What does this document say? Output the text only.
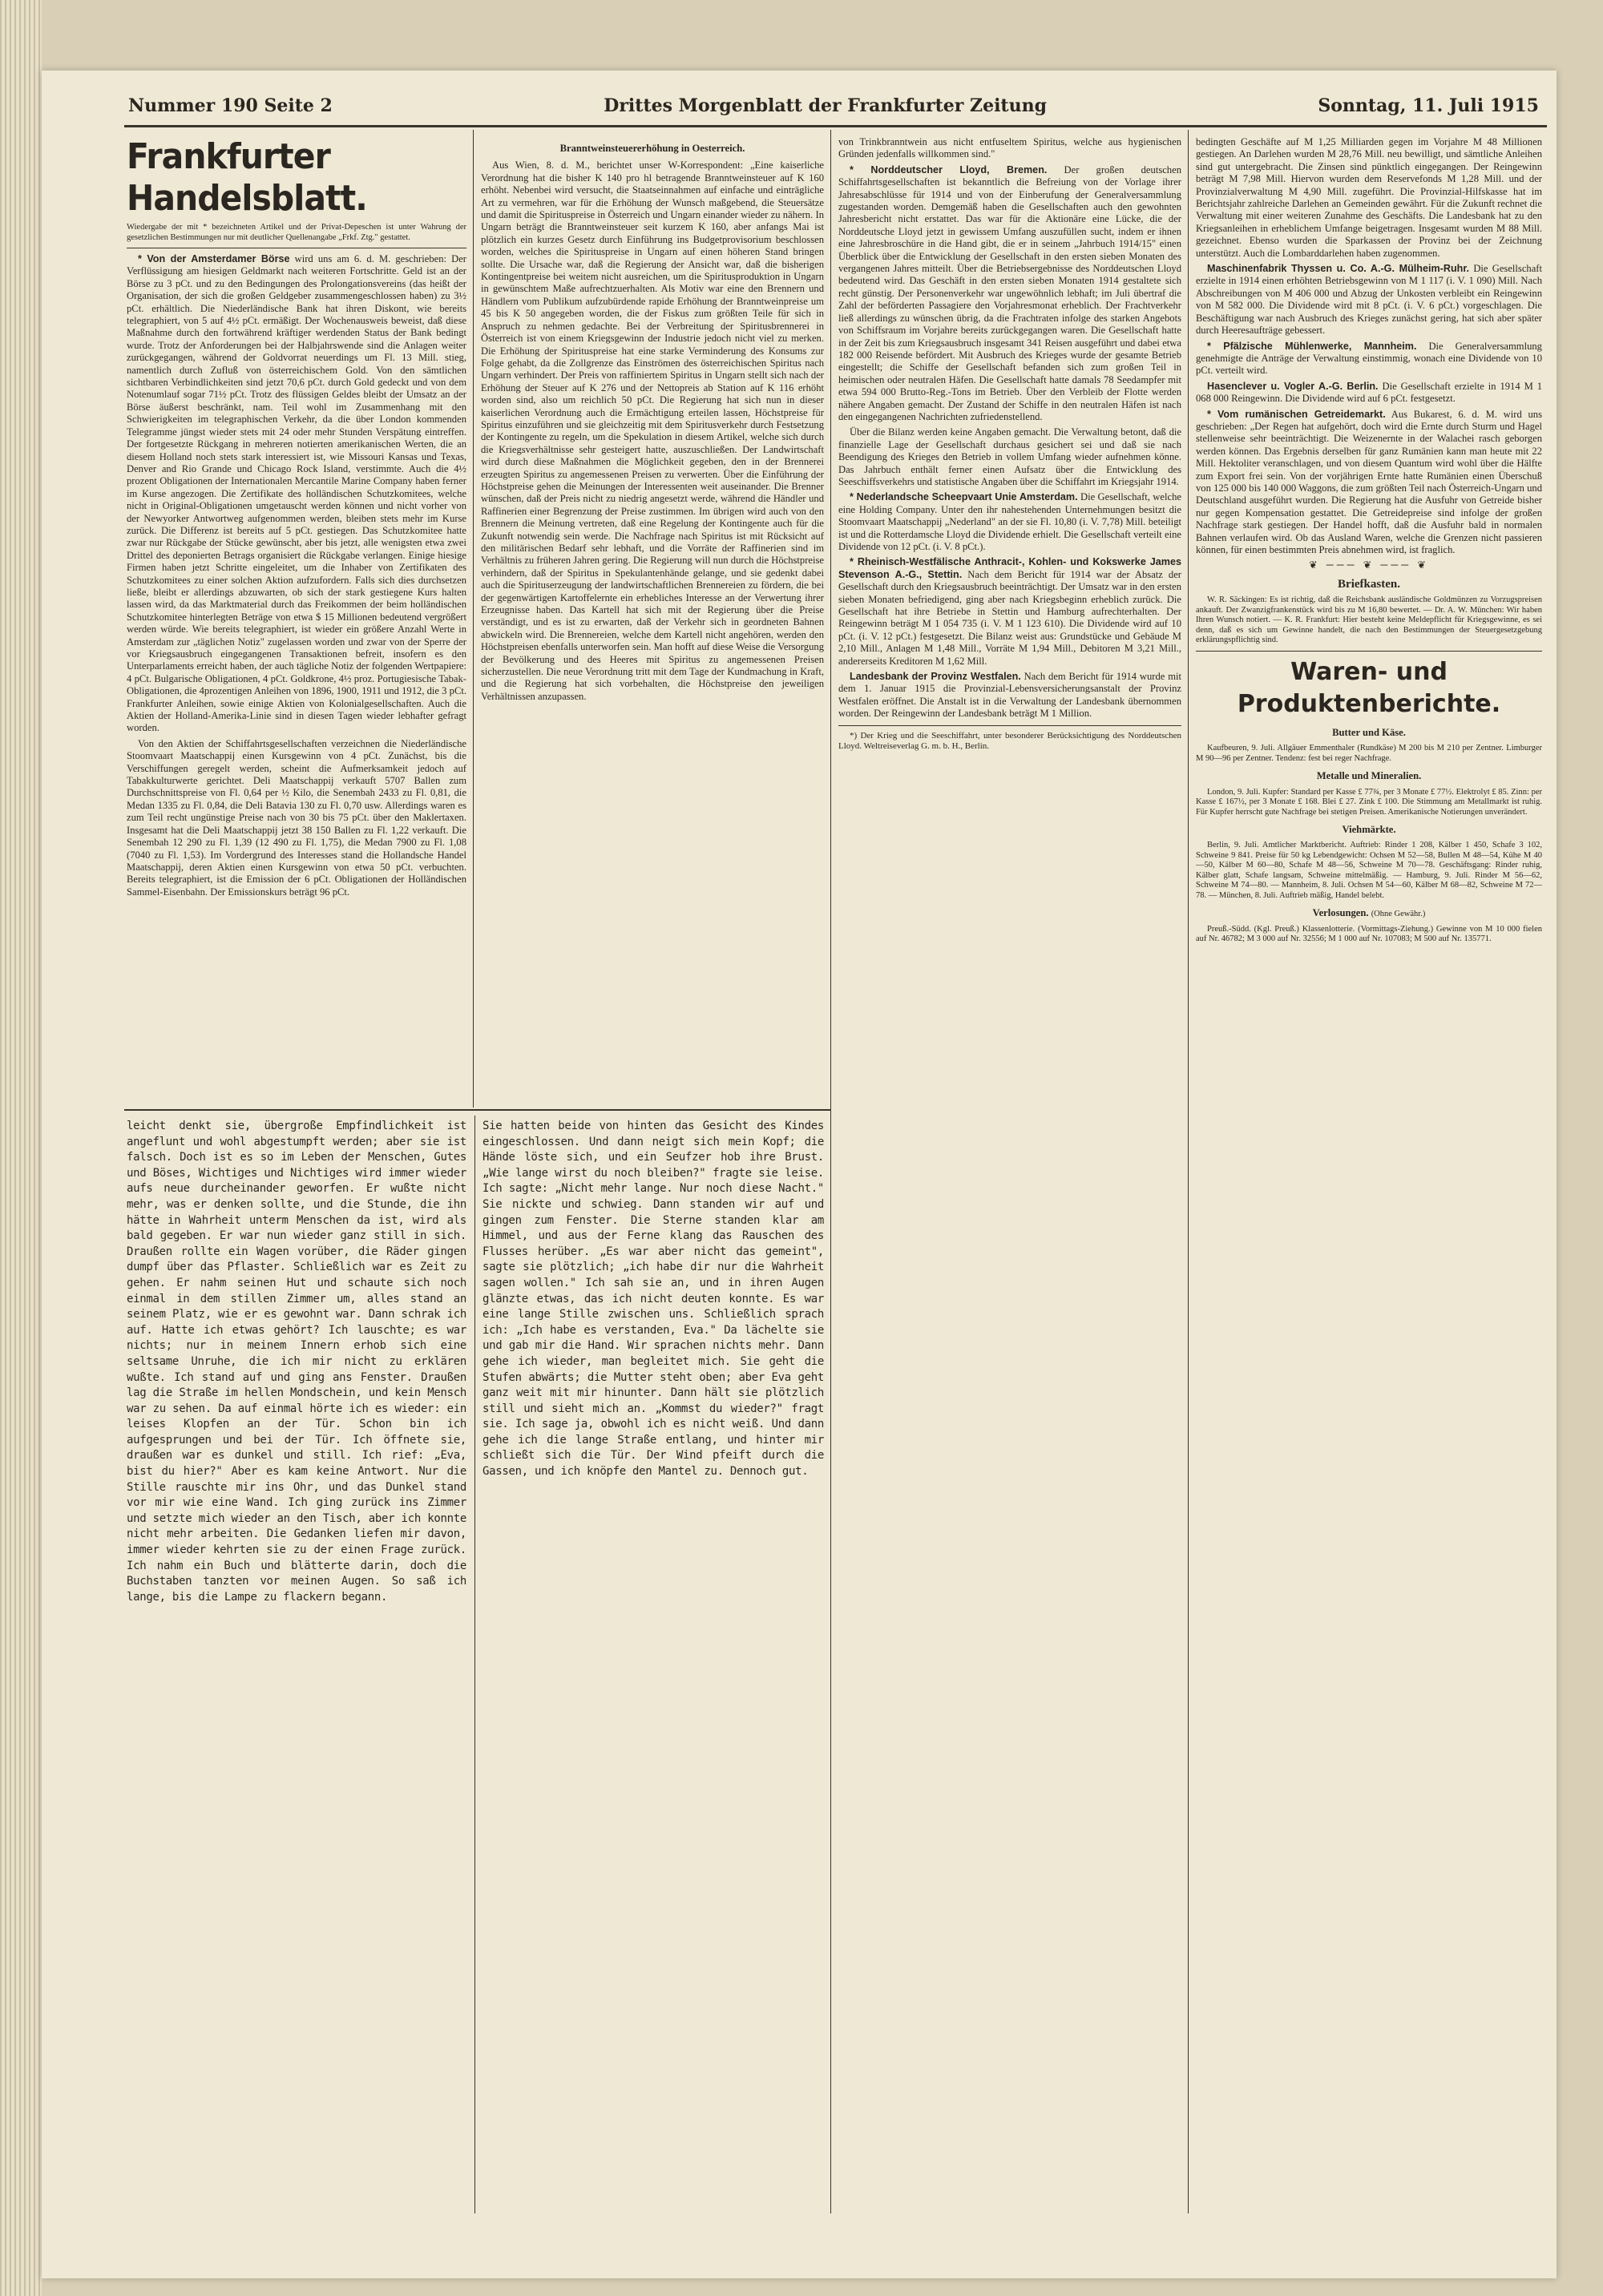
Nummer 190 Seite 2	Drittes Morgenblatt der Frankfurter Zeitung	Sonntag, 11. Juli 1915

Frankfurter Handelsblatt.

Wiedergabe der mit * bezeichneten Artikel und der Privat-Depeschen ist unter Wahrung der gesetzlichen Bestimmungen nur mit deutlicher Quellenangabe „Frkf. Ztg." gestattet.

* Von der Amsterdamer Börse wird uns am 6. d. M. geschrieben: Der Verflüssigung am hiesigen Geldmarkt nach weiteren Fortschritte. Geld ist an der Börse zu 3 pCt. und zu den Bedingungen des Prolongationsvereins (das heißt der Organisation, der sich die großen Geldgeber zusammengeschlossen haben) zu 3½ pCt. erhältlich. Die Niederländische Bank hat ihren Diskont, wie bereits telegraphiert, von 5 auf 4½ pCt. ermäßigt. Der Wochenausweis beweist, daß diese Maßnahme durch den fortwährend kräftiger werdenden Status der Bank bedingt wurde. Trotz der Anforderungen bei der Halbjahrswende sind die Anlagen weiter zurückgegangen, während der Goldvorrat neuerdings um Fl. 13 Mill. stieg, namentlich durch Zufluß von österreichischem Gold. Von den sämtlichen sichtbaren Verbindlichkeiten sind jetzt 70,6 pCt. durch Gold gedeckt und von dem Notenumlauf sogar 71½ pCt. Trotz des flüssigen Geldes bleibt der Umsatz an der Börse äußerst beschränkt, nam. Teil wohl im Zusammenhang mit den Schwierigkeiten im telegraphischen Verkehr, da die über London kommenden Telegramme jüngst wieder stets mit 24 oder mehr Stunden Verspätung eintreffen. Der fortgesetzte Rückgang in mehreren notierten amerikanischen Werten, die an diesem Holland noch stets stark interessiert ist, wie Missouri Kansas und Texas, Denver and Rio Grande und Chicago Rock Island, verstimmte. Auch die 4½ prozent Obligationen der Internationalen Mercantile Marine Company haben ferner im Kurse angezogen. Die Zertifikate des holländischen Schutzkomitees, welche nicht in Original-Obligationen umgetauscht werden können und nicht vorher von der Newyorker Antwortweg aufgenommen werden, bleiben stets mehr im Kurse zurück. Die Differenz ist bereits auf 5 pCt. gestiegen. Das Schutzkomitee hatte zwar nur Rückgabe der Stücke gewünscht, aber bis jetzt, alle wenigsten etwa zwei Drittel des deponierten Betrags organisiert die Rückgabe verlangen. Einige hiesige Firmen haben jetzt Schritte eingeleitet, um die Inhaber von Zertifikaten des Schutzkomitees zu einer solchen Aktion aufzufordern. Falls sich dies durchsetzen ließe, bleibt er allerdings abzuwarten, ob sich der stark gestiegene Kurs halten lassen wird, da das Marktmaterial durch das Freikommen der beim holländischen Schutzkomitee hinterlegten Beträge von etwa $ 15 Millionen bedeutend vergrößert werden würde. Wie bereits telegraphiert, ist wieder ein größere Anzahl Werte in Amsterdam zur „täglichen Notiz" zugelassen worden und zwar von der Sperre der vor Kriegsausbruch eingegangenen Transaktionen befreit, insofern es den Unterparlaments erreicht haben, der auch tägliche Notiz der folgenden Wertpapiere: 4 pCt. Bulgarische Obligationen, 4 pCt. Goldkrone, 4½ proz. Portugiesische Tabak-Obligationen, die 4prozentigen Anleihen von 1896, 1900, 1911 und 1912, die 3 pCt. Frankfurter Anleihen, sowie einige Aktien von Kolonialgesellschaften. Auch die Aktien der Holland-Amerika-Linie sind in diesen Tagen wieder lebhafter gefragt worden.

Von den Aktien der Schiffahrtsgesellschaften verzeichnen die Niederländische Stoomvaart Maatschappij einen Kursgewinn von 4 pCt. Zunächst, bis die Verschiffungen geregelt werden, scheint die Aufmerksamkeit jedoch auf Tabakkulturwerte gerichtet. Deli Maatschappij verkauft 5707 Ballen zum Durchschnittspreise von Fl. 0,64 per ½ Kilo, die Senembah 2433 zu Fl. 0,81, die Medan 1335 zu Fl. 0,84, die Deli Batavia 130 zu Fl. 0,70 usw. Allerdings waren es zum Teil recht ungünstige Preise nach von 30 bis 75 pCt. über den Maklertaxen. Insgesamt hat die Deli Maatschappij jetzt 38 150 Ballen zu Fl. 1,22 verkauft. Die Senembah 12 290 zu Fl. 1,39 (12 490 zu Fl. 1,75), die Medan 7900 zu Fl. 1,08 (7040 zu Fl. 1,53). Im Vordergrund des Interesses stand die Hollandsche Handel Maatschappij, deren Aktien einen Kursgewinn von etwa 50 pCt. verbuchten. Bereits telegraphiert, ist die Emission der 6 pCt. Obligationen der Holländischen Sammel-Eisenbahn. Der Emissionskurs beträgt 96 pCt.

Branntweinsteuererhöhung in Oesterreich.

Aus Wien, 8. d. M., berichtet unser W-Korrespondent: „Eine kaiserliche Verordnung hat die bisher K 140 pro hl betragende Branntweinsteuer auf K 160 erhöht. Nebenbei wird versucht, die Staatseinnahmen auf einfache und einträgliche Art zu vermehren, war für die Erhöhung der Wunsch maßgebend, die Steuersätze und damit die Spirituspreise in Österreich und Ungarn einander wieder zu nähern. In Ungarn beträgt die Branntweinsteuer seit kurzem K 160, aber anfangs Mai ist plötzlich ein kurzes Gesetz durch Einführung ins Budgetprovisorium beschlossen worden, welches die Spirituspreise in Ungarn auf einen höheren Stand bringen sollte. Die Ursache war, daß die Regierung der Ansicht war, daß die bisherigen Kontingentpreise bei weitem nicht ausreichen, um die Spiritusproduktion in Ungarn in gewünschtem Maße aufrechtzuerhalten. Als Motiv war eine den Brennern und Händlern vom Publikum aufzubürdende rapide Erhöhung der Branntweinpreise um 45 bis K 50 angegeben worden, die der Fiskus zum größten Teile für sich in Anspruch zu nehmen gedachte. Bei der Verbreitung der Spiritusbrennerei in Österreich ist von einem Kriegsgewinn der Industrie jedoch nicht viel zu merken. Die Erhöhung der Spirituspreise hat eine starke Verminderung des Konsums zur Folge gehabt, da die Zollgrenze das Einströmen des österreichischen Spiritus nach Ungarn verhindert. Der Preis von raffiniertem Spiritus in Ungarn stellt sich nach der Erhöhung der Steuer auf K 276 und der Nettopreis ab Station auf K 116 erhöht worden sind, also um reichlich 50 pCt. Die Regierung hat sich nun in dieser kaiserlichen Verordnung auch die Ermächtigung erteilen lassen, Höchstpreise für Spiritus einzuführen und sie gleichzeitig mit dem Spiritusverkehr durch Festsetzung der Kontingente zu regeln, um die Spekulation in diesem Artikel, welche sich durch die Kriegsverhältnisse sehr gesteigert hatte, auszuschließen. Der Landwirtschaft wird durch diese Maßnahmen die Möglichkeit gegeben, den in der Brennerei erzeugten Spiritus zu angemessenen Preisen zu verwerten. Über die Einführung der Höchstpreise gehen die Meinungen der Interessenten weit auseinander. Die Brenner wünschen, daß der Preis nicht zu niedrig angesetzt werde, während die Händler und Raffinerien einer Begrenzung der Preise zustimmen. Im übrigen wird auch von den Brennern die Meinung vertreten, daß eine Regelung der Kontingente auch für die Zukunft notwendig sein werde. Die Nachfrage nach Spiritus ist mit Rücksicht auf den militärischen Bedarf sehr lebhaft, und die Vorräte der Raffinerien sind im Verhältnis zu früheren Jahren gering. Die Regierung will nun durch die Höchstpreise verhindern, daß der Spiritus in Spekulantenhände gelange, und sie gedenkt dabei auch die Spirituserzeugung der landwirtschaftlichen Brennereien zu fördern, die bei der gegenwärtigen Kartoffelernte ein erhebliches Interesse an der Verwertung ihrer Erzeugnisse haben. Das Kartell hat sich mit der Regierung über die Preise verständigt, und es ist zu erwarten, daß der Verkehr sich in geordneten Bahnen abwickeln wird. Die Brennereien, welche dem Kartell nicht angehören, werden den Höchstpreisen ebenfalls unterworfen sein. Man hofft auf diese Weise die Versorgung der Bevölkerung und des Heeres mit Spiritus zu angemessenen Preisen sicherzustellen. Die neue Verordnung tritt mit dem Tage der Kundmachung in Kraft, und die Regierung hat sich vorbehalten, die Höchstpreise den jeweiligen Verhältnissen anzupassen.

von Trinkbranntwein aus nicht entfuseltem Spiritus, welche aus hygienischen Gründen jedenfalls willkommen sind."

* Norddeutscher Lloyd, Bremen. Der großen deutschen Schiffahrtsgesellschaften ist bekanntlich die Befreiung von der Vorlage ihrer Jahresabschlüsse für 1914 und von der Einberufung der Generalversammlung zugestanden worden. Demgemäß haben die Gesellschaften auch den gewohnten Jahresbericht nicht erstattet. Das war für die Aktionäre eine Lücke, die der Norddeutsche Lloyd jetzt in gewissem Umfang auszufüllen sucht, indem er ihnen eine Jahresbroschüre in die Hand gibt, die er in seinem „Jahrbuch 1914/15" einen Überblick über die Entwicklung der Gesellschaft in den ersten sieben Monaten des vergangenen Jahres mitteilt. Über die Betriebsergebnisse des Norddeutschen Lloyd bedeutend wird. Das Geschäft in den ersten sieben Monaten 1914 gestaltete sich recht günstig. Der Personenverkehr war ungewöhnlich lebhaft; im Juli übertraf die Zahl der beförderten Passagiere den Vorjahresmonat erheblich. Der Frachtverkehr ließ allerdings zu wünschen übrig, da die Frachtraten infolge des starken Angebots von Schiffsraum im Vorjahre bereits zurückgegangen waren. Die Gesellschaft hatte in der Zeit bis zum Kriegsausbruch insgesamt 341 Reisen ausgeführt und dabei etwa 182 000 Reisende befördert. Mit Ausbruch des Krieges wurde der gesamte Betrieb eingestellt; die Schiffe der Gesellschaft befanden sich zum großen Teil in heimischen oder neutralen Häfen. Die Gesellschaft hatte damals 78 Seedampfer mit etwa 594 000 Brutto-Reg.-Tons im Betrieb. Über den Verbleib der Flotte werden nähere Angaben gemacht. Der Zustand der Schiffe in den neutralen Häfen ist nach den eingegangenen Nachrichten zufriedenstellend.

Über die Bilanz werden keine Angaben gemacht. Die Verwaltung betont, daß die finanzielle Lage der Gesellschaft durchaus gesichert sei und daß sie nach Beendigung des Krieges den Betrieb in vollem Umfang wieder aufnehmen könne. Das Jahrbuch enthält ferner einen Aufsatz über die Entwicklung des Seeschiffsverkehrs und statistische Angaben über die Schiffahrt im Kriegsjahr 1914.

* Nederlandsche Scheepvaart Unie Amsterdam. Die Gesellschaft, welche eine Holding Company. Unter den ihr nahestehenden Unternehmungen besitzt die Stoomvaart Maatschappij „Nederland" an der sie Fl. 10,80 (i. V. 7,78) Mill. beteiligt ist und die Rotterdamsche Lloyd die Dividende erhielt. Die Gesellschaft verteilt eine Dividende von 12 pCt. (i. V. 8 pCt.).

* Rheinisch-Westfälische Anthracit-, Kohlen- und Kokswerke James Stevenson A.-G., Stettin. Nach dem Bericht für 1914 war der Absatz der Gesellschaft durch den Kriegsausbruch beeinträchtigt. Der Umsatz war in den ersten sieben Monaten befriedigend, ging aber nach Kriegsbeginn erheblich zurück. Die Gesellschaft hat ihre Betriebe in Stettin und Hamburg aufrechterhalten. Der Reingewinn beträgt M 1 054 735 (i. V. M 1 123 610). Die Dividende wird auf 10 pCt. (i. V. 12 pCt.) festgesetzt. Die Bilanz weist aus: Grundstücke und Gebäude M 2,10 Mill., Anlagen M 1,48 Mill., Vorräte M 1,94 Mill., Debitoren M 3,21 Mill., andererseits Kreditoren M 1,62 Mill.

Landesbank der Provinz Westfalen. Nach dem Bericht für 1914 wurde mit dem 1. Januar 1915 die Provinzial-Lebensversicherungsanstalt der Provinz Westfalen eröffnet. Die Anstalt ist in die Verwaltung der Landesbank übernommen worden. Der Reingewinn der Landesbank beträgt M 1 Million.

*) Der Krieg und die Seeschiffahrt, unter besonderer Berücksichtigung des Norddeutschen Lloyd. Weltreiseverlag G. m. b. H., Berlin.

bedingten Geschäfte auf M 1,25 Milliarden gegen im Vorjahre M 48 Millionen gestiegen. An Darlehen wurden M 28,76 Mill. neu bewilligt, und sämtliche Anleihen sind gut untergebracht. Die Zinsen sind pünktlich eingegangen. Der Reingewinn beträgt M 7,98 Mill. Hiervon wurden dem Reservefonds M 1,28 Mill. und der Provinzialverwaltung M 4,90 Mill. zugeführt. Die Provinzial-Hilfskasse hat im Berichtsjahr zahlreiche Darlehen an Gemeinden gewährt. Für die Zukunft rechnet die Verwaltung mit einer weiteren Zunahme des Geschäfts. Die Landesbank hat zu den Kriegsanleihen in erheblichem Umfange beigetragen. Insgesamt wurden M 88 Mill. gezeichnet. Ebenso wurden die Sparkassen der Provinz bei der Zeichnung unterstützt. Auch die Lombarddarlehen haben zugenommen.

Maschinenfabrik Thyssen u. Co. A.-G. Mülheim-Ruhr. Die Gesellschaft erzielte in 1914 einen erhöhten Betriebsgewinn von M 1 117 (i. V. 1 090) Mill. Nach Abschreibungen von M 406 000 und Abzug der Unkosten verbleibt ein Reingewinn von M 582 000. Die Dividende wird mit 8 pCt. (i. V. 6 pCt.) vorgeschlagen. Die Beschäftigung war nach Ausbruch des Krieges zunächst gering, hat sich aber später durch Heeresaufträge gebessert.

* Pfälzische Mühlenwerke, Mannheim. Die Generalversammlung genehmigte die Anträge der Verwaltung einstimmig, wonach eine Dividende von 10 pCt. verteilt wird.

Hasenclever u. Vogler A.-G. Berlin. Die Gesellschaft erzielte in 1914 M 1 068 000 Reingewinn. Die Dividende wird auf 6 pCt. festgesetzt.

* Vom rumänischen Getreidemarkt. Aus Bukarest, 6. d. M. wird uns geschrieben: „Der Regen hat aufgehört, doch wird die Ernte durch Sturm und Hagel stellenweise sehr beeinträchtigt. Die Weizenernte in der Walachei rasch geborgen werden können. Das Ergebnis derselben für ganz Rumänien kann man heute mit 22 Mill. Hektoliter veranschlagen, und von diesem Quantum wird wohl über die Hälfte zum Export frei sein. Von der vorjährigen Ernte hatte Rumänien einen Überschuß von 125 000 bis 140 000 Waggons, die zum größten Teil nach Österreich-Ungarn und Deutschland ausgeführt wurden. Die Regierung hat die Ausfuhr von Getreide bisher nur gegen Kompensation gestattet. Die Getreidepreise sind infolge der großen Nachfrage stark gestiegen. Der Handel hofft, daß die Ausfuhr bald in normalen Bahnen verlaufen wird. Ob das Ausland Waren, welche die Grenzen nicht passieren können, für einen bestimmten Preis abnehmen wird, ist fraglich.

❦ ─── ❦ ─── ❦

Briefkasten.

W. R. Säckingen: Es ist richtig, daß die Reichsbank ausländische Goldmünzen zu Vorzugspreisen ankauft. Der Zwanzigfrankenstück wird bis zu M 16,80 bewertet. — Dr. A. W. München: Wir haben Ihren Wunsch notiert. — K. R. Frankfurt: Hier besteht keine Meldepflicht für Kriegsgewinne, es sei denn, daß es sich um Gewinne handelt, die nach den Bestimmungen der Steuergesetzgebung erklärungspflichtig sind.

Waren- und Produktenberichte.

Butter und Käse.

Kaufbeuren, 9. Juli. Allgäuer Emmenthaler (Rundkäse) M 200 bis M 210 per Zentner. Limburger M 90—96 per Zentner. Tendenz: fest bei reger Nachfrage.

Metalle und Mineralien.

London, 9. Juli. Kupfer: Standard per Kasse £ 77¾, per 3 Monate £ 77½. Elektrolyt £ 85. Zinn: per Kasse £ 167½, per 3 Monate £ 168. Blei £ 27. Zink £ 100. Die Stimmung am Metallmarkt ist ruhig. Für Kupfer herrscht gute Nachfrage bei stetigen Preisen. Amerikanische Notierungen unverändert.

Viehmärkte.

Berlin, 9. Juli. Amtlicher Marktbericht. Auftrieb: Rinder 1 208, Kälber 1 450, Schafe 3 102, Schweine 9 841. Preise für 50 kg Lebendgewicht: Ochsen M 52—58, Bullen M 48—54, Kühe M 40—50, Kälber M 60—80, Schafe M 48—56, Schweine M 70—78. Geschäftsgang: Rinder ruhig, Kälber glatt, Schafe langsam, Schweine mittelmäßig. — Hamburg, 9. Juli. Rinder M 56—62, Schweine M 74—80. — Mannheim, 8. Juli. Ochsen M 54—60, Kälber M 68—82, Schweine M 72—78. — München, 8. Juli. Auftrieb mäßig, Handel belebt.

Verlosungen. (Ohne Gewähr.)

Preuß.-Südd. (Kgl. Preuß.) Klassenlotterie. (Vormittags-Ziehung.) Gewinne von M 10 000 fielen auf Nr. 46782; M 3 000 auf Nr. 32556; M 1 000 auf Nr. 107083; M 500 auf Nr. 135771.

leicht denkt sie, übergroße Empfindlichkeit ist angeflunt und wohl abgestumpft werden; aber sie ist falsch. Doch ist es so im Leben der Menschen, Gutes und Böses, Wichtiges und Nichtiges wird immer wieder aufs neue durcheinander geworfen. Er wußte nicht mehr, was er denken sollte, und die Stunde, die ihn hätte in Wahrheit unterm Menschen da ist, wird als bald gegeben. Er war nun wieder ganz still in sich. Draußen rollte ein Wagen vorüber, die Räder gingen dumpf über das Pflaster. Schließlich war es Zeit zu gehen. Er nahm seinen Hut und schaute sich noch einmal in dem stillen Zimmer um, alles stand an seinem Platz, wie er es gewohnt war. Dann schrak ich auf. Hatte ich etwas gehört? Ich lauschte; es war nichts; nur in meinem Innern erhob sich eine seltsame Unruhe, die ich mir nicht zu erklären wußte. Ich stand auf und ging ans Fenster. Draußen lag die Straße im hellen Mondschein, und kein Mensch war zu sehen. Da auf einmal hörte ich es wieder: ein leises Klopfen an der Tür. Schon bin ich aufgesprungen und bei der Tür. Ich öffnete sie, draußen war es dunkel und still. Ich rief: „Eva, bist du hier?" Aber es kam keine Antwort. Nur die Stille rauschte mir ins Ohr, und das Dunkel stand vor mir wie eine Wand. Ich ging zurück ins Zimmer und setzte mich wieder an den Tisch, aber ich konnte nicht mehr arbeiten. Die Gedanken liefen mir davon, immer wieder kehrten sie zu der einen Frage zurück. Ich nahm ein Buch und blätterte darin, doch die Buchstaben tanzten vor meinen Augen. So saß ich lange, bis die Lampe zu flackern begann.

Sie hatten beide von hinten das Gesicht des Kindes eingeschlossen. Und dann neigt sich mein Kopf; die Hände löste sich, und ein Seufzer hob ihre Brust. „Wie lange wirst du noch bleiben?" fragte sie leise. Ich sagte: „Nicht mehr lange. Nur noch diese Nacht." Sie nickte und schwieg. Dann standen wir auf und gingen zum Fenster. Die Sterne standen klar am Himmel, und aus der Ferne klang das Rauschen des Flusses herüber. „Es war aber nicht das gemeint", sagte sie plötzlich; „ich habe dir nur die Wahrheit sagen wollen." Ich sah sie an, und in ihren Augen glänzte etwas, das ich nicht deuten konnte. Es war eine lange Stille zwischen uns. Schließlich sprach ich: „Ich habe es verstanden, Eva." Da lächelte sie und gab mir die Hand. Wir sprachen nichts mehr. Dann gehe ich wieder, man begleitet mich. Sie geht die Stufen abwärts; die Mutter steht oben; aber Eva geht ganz weit mit mir hinunter. Dann hält sie plötzlich still und sieht mich an. „Kommst du wieder?" fragt sie. Ich sage ja, obwohl ich es nicht weiß. Und dann gehe ich die lange Straße entlang, und hinter mir schließt sich die Tür. Der Wind pfeift durch die Gassen, und ich knöpfe den Mantel zu. Dennoch gut.
